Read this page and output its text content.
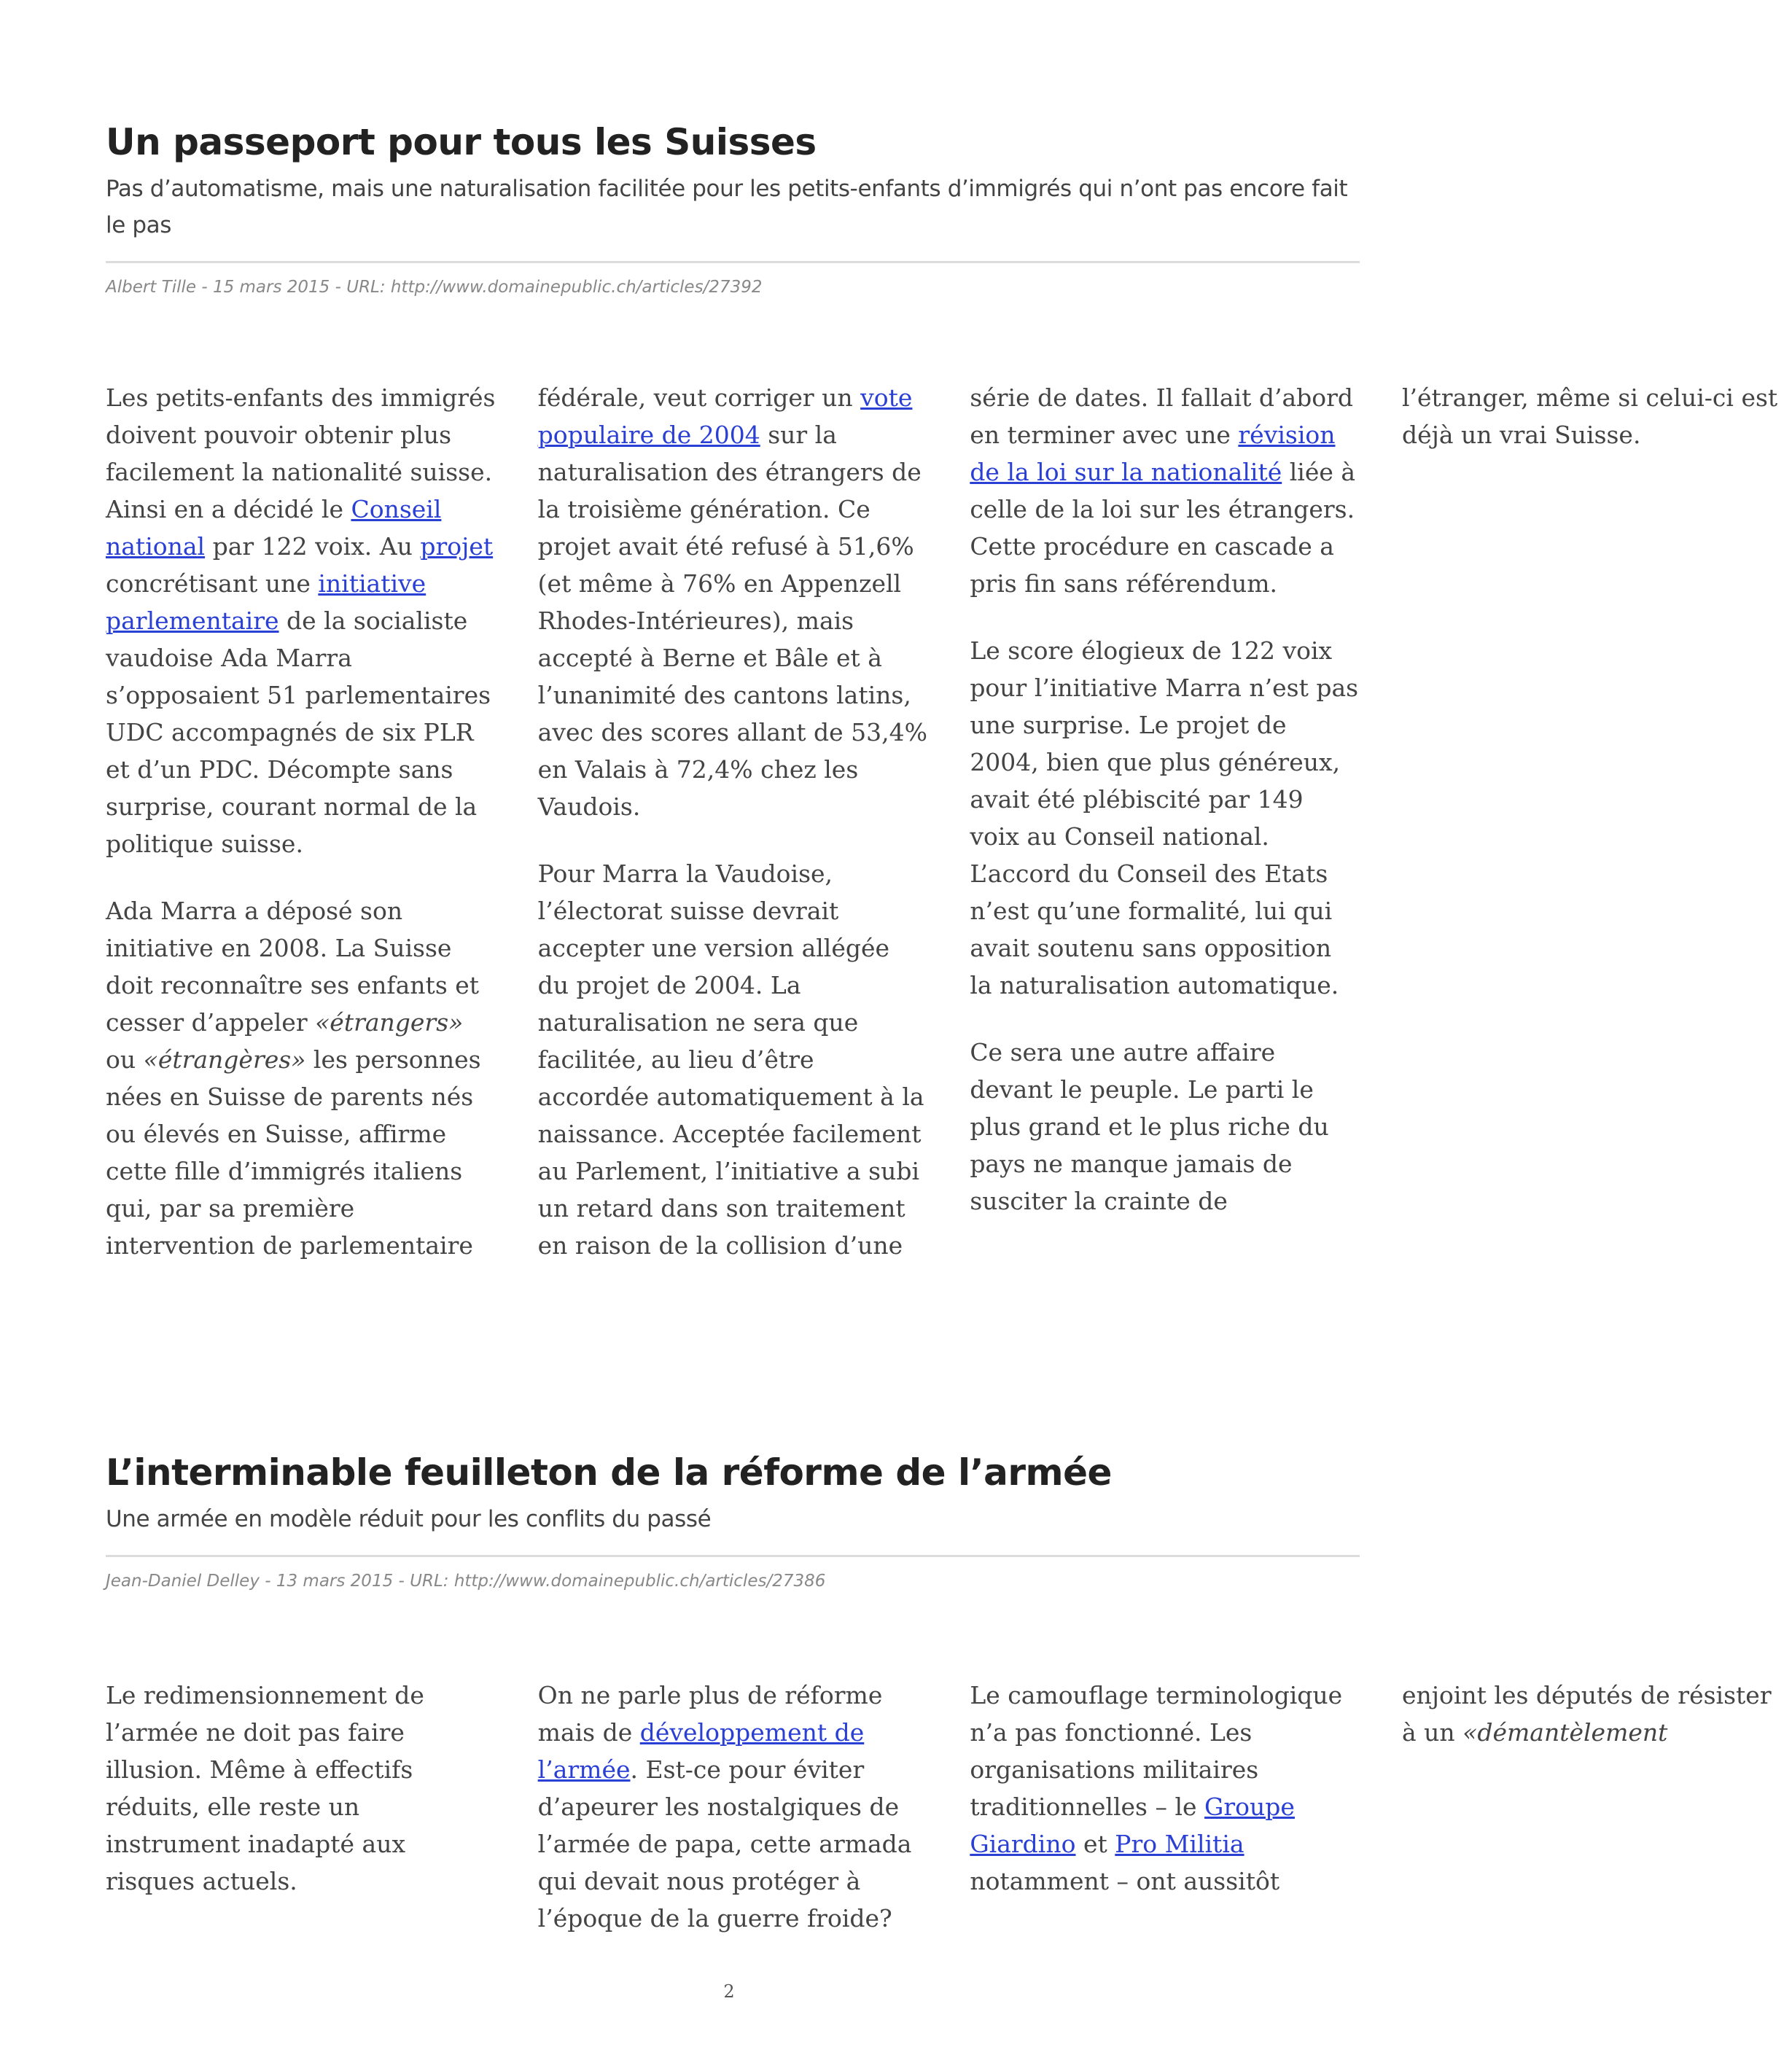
Un passeport pour tous les Suisses
Pas d’automatisme, mais une naturalisation facilitée pour les petits-enfants d’immigrés qui n’ont pas encore fait le pas
Albert Tille - 15 mars 2015 - URL: http://www.domainepublic.ch/articles/27392

Les petits-enfants des immigrés doivent pouvoir obtenir plus facilement la nationalité suisse. Ainsi en a décidé le Conseil national par 122 voix. Au projet concrétisant une initiative parlementaire de la socialiste vaudoise Ada Marra s’opposaient 51 parlementaires UDC accompagnés de six PLR et d’un PDC. Décompte sans surprise, courant normal de la politique suisse.

Ada Marra a déposé son initiative en 2008. La Suisse doit reconnaître ses enfants et cesser d’appeler «étrangers» ou «étrangères» les personnes nées en Suisse de parents nés ou élevés en Suisse, affirme cette fille d’immigrés italiens qui, par sa première intervention de parlementaire fédérale, veut corriger un vote populaire de 2004 sur la naturalisation des étrangers de la troisième génération. Ce projet avait été refusé à 51,6% (et même à 76% en Appenzell Rhodes-Intérieures), mais accepté à Berne et Bâle et à l’unanimité des cantons latins, avec des scores allant de 53,4% en Valais à 72,4% chez les Vaudois.

Pour Marra la Vaudoise, l’électorat suisse devrait accepter une version allégée du projet de 2004. La naturalisation ne sera que facilitée, au lieu d’être accordée automatiquement à la naissance. Acceptée facilement au Parlement, l’initiative a subi un retard dans son traitement en raison de la collision d’une série de dates. Il fallait d’abord en terminer avec une révision de la loi sur la nationalité liée à celle de la loi sur les étrangers. Cette procédure en cascade a pris fin sans référendum.

Le score élogieux de 122 voix pour l’initiative Marra n’est pas une surprise. Le projet de 2004, bien que plus généreux, avait été plébiscité par 149 voix au Conseil national. L’accord du Conseil des Etats n’est qu’une formalité, lui qui avait soutenu sans opposition la naturalisation automatique.

Ce sera une autre affaire devant le peuple. Le parti le plus grand et le plus riche du pays ne manque jamais de susciter la crainte de l’étranger, même si celui-ci est déjà un vrai Suisse.

L’interminable feuilleton de la réforme de l’armée
Une armée en modèle réduit pour les conflits du passé
Jean-Daniel Delley - 13 mars 2015 - URL: http://www.domainepublic.ch/articles/27386

Le redimensionnement de l’armée ne doit pas faire illusion. Même à effectifs réduits, elle reste un instrument inadapté aux risques actuels.

On ne parle plus de réforme mais de développement de l’armée. Est-ce pour éviter d’apeurer les nostalgiques de l’armée de papa, cette armada qui devait nous protéger à l’époque de la guerre froide? Le camouflage terminologique n’a pas fonctionné. Les organisations militaires traditionnelles – le Groupe Giardino et Pro Militia notamment – ont aussitôt enjoint les députés de résister à un «démantèlement

2
